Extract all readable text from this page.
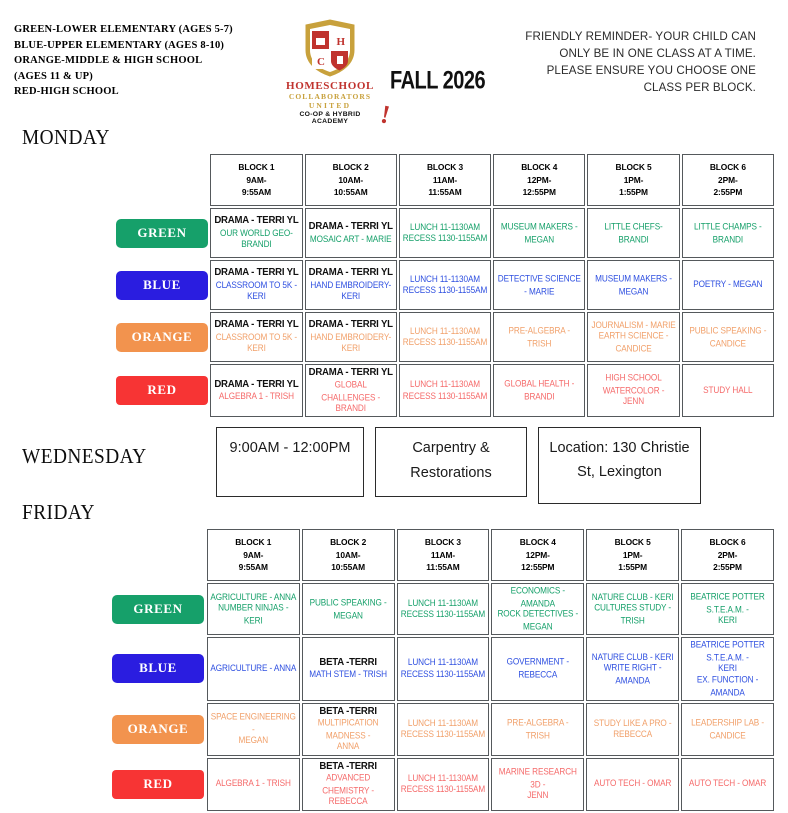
GREEN-LOWER ELEMENTARY (AGES 5-7)
BLUE-UPPER ELEMENTARY (AGES 8-10)
ORANGE-MIDDLE & HIGH SCHOOL
(AGES 11 & UP)
RED-HIGH SCHOOL
H
C
HOMESCHOOL
COLLABORATORS
UNITED
CO-OP & HYBRID ACADEMY !
FALL 2026
FRIENDLY REMINDER- YOUR CHILD CAN ONLY BE IN ONE CLASS AT A TIME. PLEASE ENSURE YOU CHOOSE ONE CLASS PER BLOCK.
MONDAY
WEDNESDAY
FRIDAY

BLOCK 1
9AM-
9:55AM

BLOCK 2
10AM-
10:55AM

BLOCK 3
11AM-
11:55AM

BLOCK 4
12PM-
12:55PM

BLOCK 5
1PM-
1:55PM

BLOCK 6
2PM-
2:55PM

GREEN	DRAMA - TERRI YL
OUR WORLD GEO-
BRANDI	DRAMA - TERRI YL
MOSAIC ART - MARIE	LUNCH 11-1130AM
RECESS 1130-1155AM	MUSEUM MAKERS - MEGAN	LITTLE CHEFS- BRANDI	LITTLE CHAMPS - BRANDI

BLUE	DRAMA - TERRI YL
CLASSROOM TO 5K -
KERI	DRAMA - TERRI YL
HAND EMBROIDERY-
KERI	LUNCH 11-1130AM
RECESS 1130-1155AM	DETECTIVE SCIENCE - MARIE	MUSEUM MAKERS - MEGAN	POETRY - MEGAN

ORANGE	DRAMA - TERRI YL
CLASSROOM TO 5K -
KERI	DRAMA - TERRI YL
HAND EMBROIDERY-
KERI	LUNCH 11-1130AM
RECESS 1130-1155AM	PRE-ALGEBRA - TRISH	JOURNALISM - MARIE
EARTH SCIENCE - CANDICE	PUBLIC SPEAKING - CANDICE

RED	DRAMA - TERRI YL
ALGEBRA 1 - TRISH	DRAMA - TERRI YL
GLOBAL CHALLENGES -
BRANDI	LUNCH 11-1130AM
RECESS 1130-1155AM	GLOBAL HEALTH - BRANDI	HIGH SCHOOL WATERCOLOR -
JENN	STUDY HALL
9:00AM - 12:00PM	Carpentry & Restorations
Location: 130 Christie St, Lexington

BLOCK 1
9AM-
9:55AM

BLOCK 2
10AM-
10:55AM

BLOCK 3
11AM-
11:55AM

BLOCK 4
12PM-
12:55PM

BLOCK 5
1PM-
1:55PM

BLOCK 6
2PM-
2:55PM

GREEN	AGRICULTURE - ANNA
NUMBER NINJAS - KERI	PUBLIC SPEAKING - MEGAN	LUNCH 11-1130AM
RECESS 1130-1155AM	ECONOMICS - AMANDA
ROCK DETECTIVES - MEGAN	NATURE CLUB - KERI
CULTURES STUDY - TRISH	BEATRICE POTTER S.T.E.A.M. -
KERI

BLUE	AGRICULTURE - ANNA	BETA -TERRI
MATH STEM - TRISH	LUNCH 11-1130AM
RECESS 1130-1155AM	GOVERNMENT - REBECCA	NATURE CLUB - KERI
WRITE RIGHT - AMANDA	BEATRICE POTTER S.T.E.A.M. -
KERI
EX. FUNCTION - AMANDA

ORANGE	SPACE ENGINEERING -
MEGAN	BETA -TERRI
MULTIPICATION MADNESS -
ANNA	LUNCH 11-1130AM
RECESS 1130-1155AM	PRE-ALGEBRA - TRISH	STUDY LIKE A PRO -
REBECCA	LEADERSHIP LAB - CANDICE

RED	ALGEBRA 1 - TRISH	BETA -TERRI
ADVANCED CHEMISTRY -
REBECCA	LUNCH 11-1130AM
RECESS 1130-1155AM	MARINE RESEARCH 3D -
JENN	AUTO TECH - OMAR	AUTO TECH - OMAR
